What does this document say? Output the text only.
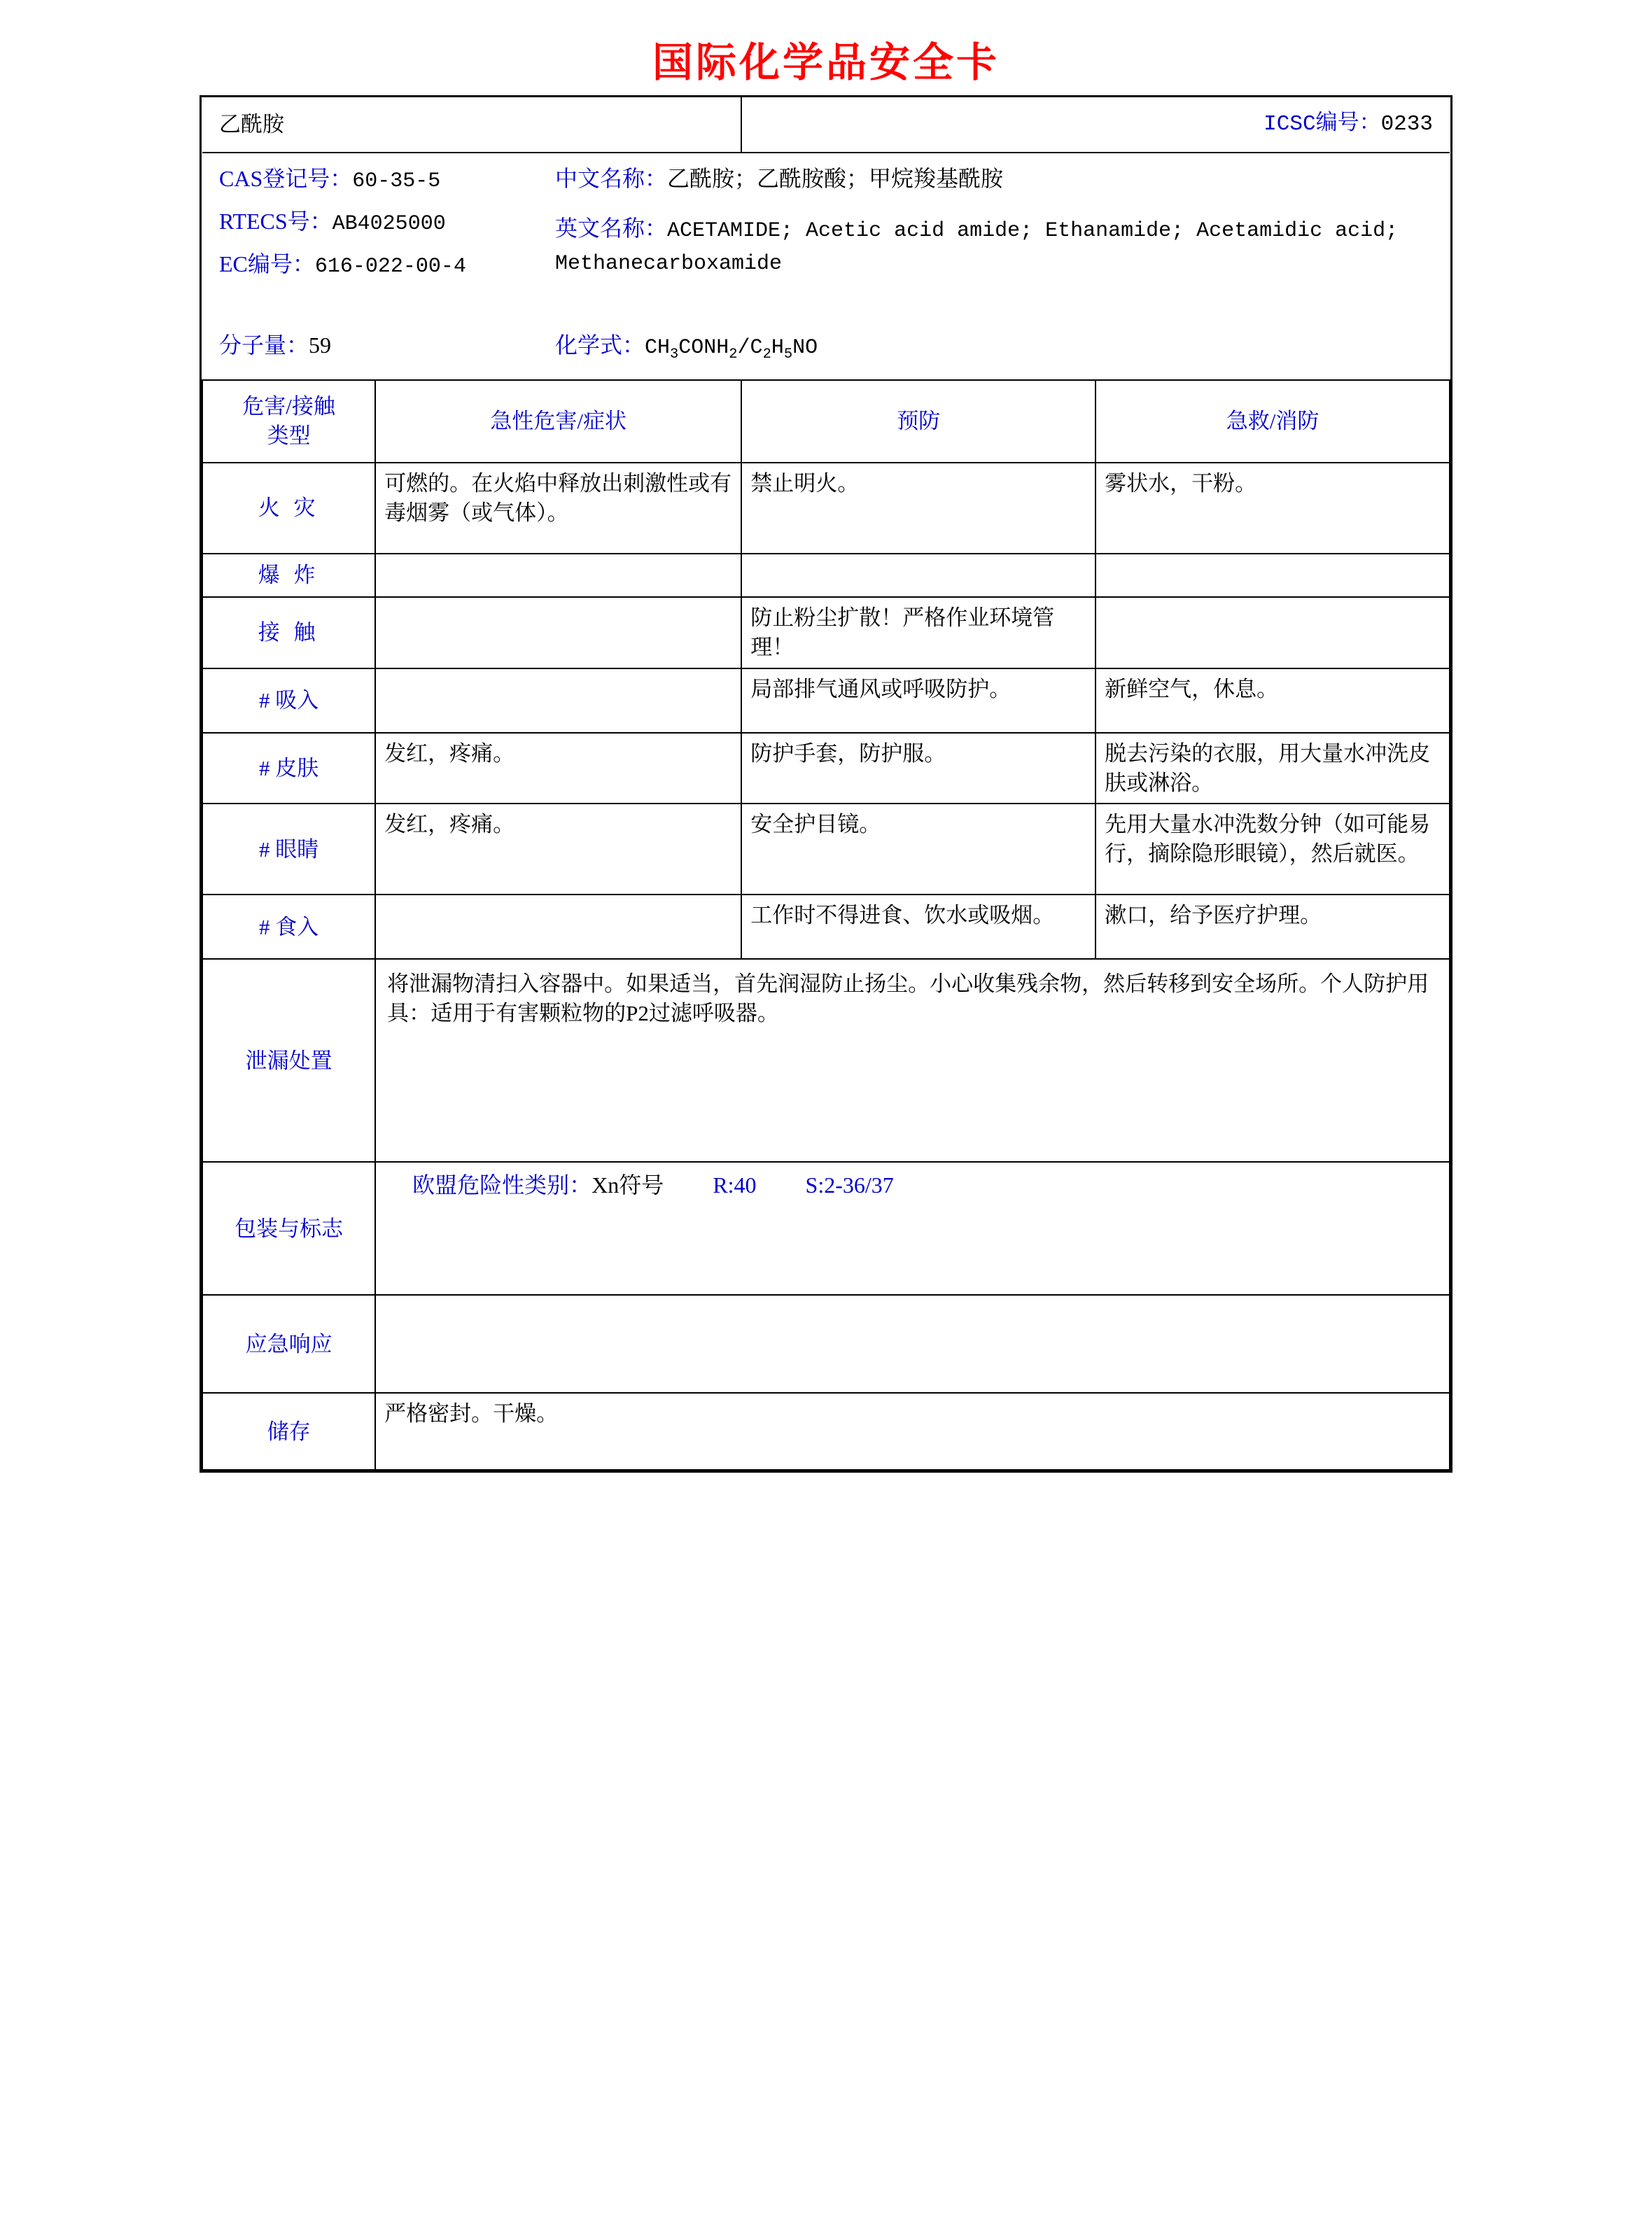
国际化学品安全卡
乙酰胺		ICSC编号：0233	

CAS登记号：60-35-5
RTECS号：AB4025000
EC编号：616-022-00-4
中文名称：乙酰胺；乙酰胺酸；甲烷羧基酰胺
英文名称：ACETAMIDE; Acetic acid amide; Ethanamide; Acetamidic acid; Methanecarboxamide
分子量：59	化学式：$CH_3CONH_2/C_2H_5NO$

危害/接触
类型	急性危害/症状	预防	急救/消防
火 灾	可燃的。在火焰中释放出刺激性或有毒烟雾（或气体）。	禁止明火。	雾状水，干粉。
爆 炸			
接 触		防止粉尘扩散！严格作业环境管理！	
# 吸入		局部排气通风或呼吸防护。	新鲜空气，休息。
# 皮肤	发红，疼痛。	防护手套，防护服。	脱去污染的衣服，用大量水冲洗皮肤或淋浴。
# 眼睛	发红，疼痛。	安全护目镜。	先用大量水冲洗数分钟（如可能易行，摘除隐形眼镜），然后就医。
# 食入		工作时不得进食、饮水或吸烟。	漱口，给予医疗护理。
泄漏处置	将泄漏物清扫入容器中。如果适当，首先润湿防止扬尘。小心收集残余物，然后转移到安全场所。个人防护用具：适用于有害颗粒物的P2过滤呼吸器。		
包装与标志	欧盟危险性类别：Xn符号 R:40 S:2-36/37		

应急响应			
储存	严格密封。干燥。		
